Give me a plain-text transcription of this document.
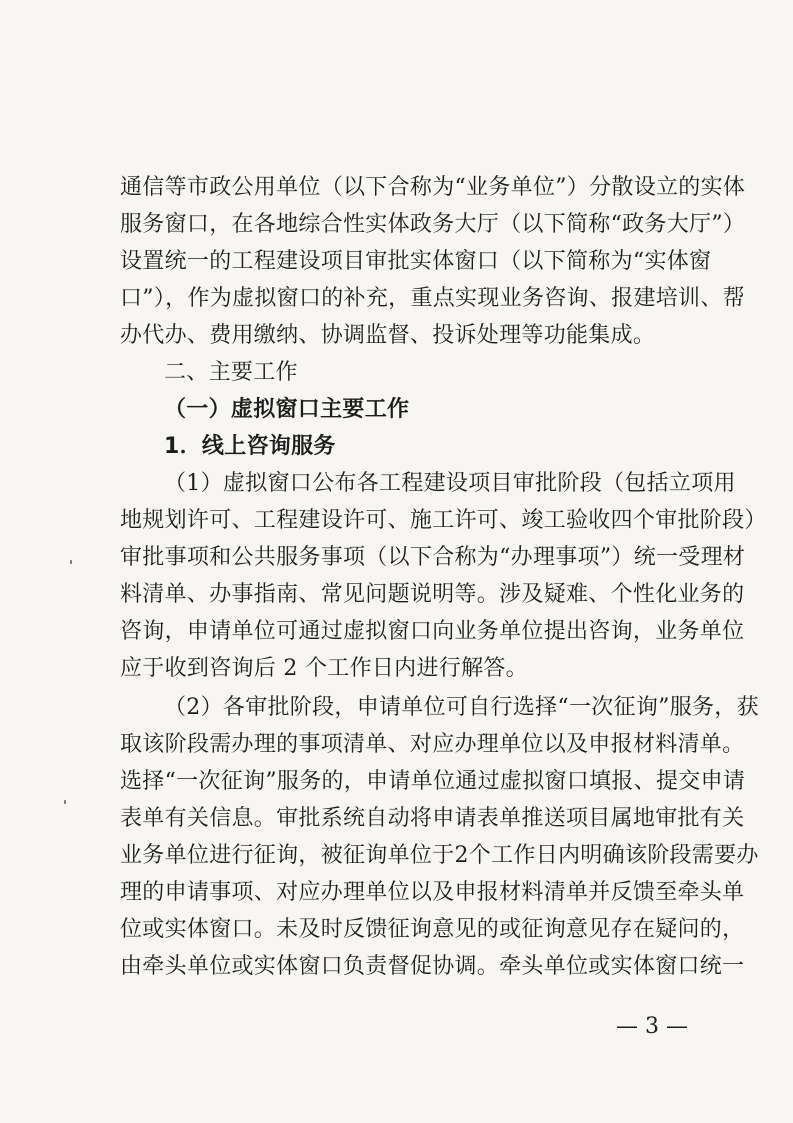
通信等市政公用单位（以下合称为“业务单位”）分散设立的实体
服务窗口，在各地综合性实体政务大厅（以下简称“政务大厅”）
设置统一的工程建设项目审批实体窗口（以下简称为“实体窗
口”），作为虚拟窗口的补充，重点实现业务咨询、报建培训、帮
办代办、费用缴纳、协调监督、投诉处理等功能集成。
二、主要工作
（一）虚拟窗口主要工作
1．线上咨询服务
（1）虚拟窗口公布各工程建设项目审批阶段（包括立项用
地规划许可、工程建设许可、施工许可、竣工验收四个审批阶段）
审批事项和公共服务事项（以下合称为“办理事项”）统一受理材
料清单、办事指南、常见问题说明等。涉及疑难、个性化业务的
咨询，申请单位可通过虚拟窗口向业务单位提出咨询，业务单位
应于收到咨询后 2 个工作日内进行解答。
（2）各审批阶段，申请单位可自行选择“一次征询”服务，获
取该阶段需办理的事项清单、对应办理单位以及申报材料清单。
选择“一次征询”服务的，申请单位通过虚拟窗口填报、提交申请
表单有关信息。审批系统自动将申请表单推送项目属地审批有关
业务单位进行征询，被征询单位于2个工作日内明确该阶段需要办
理的申请事项、对应办理单位以及申报材料清单并反馈至牵头单
位或实体窗口。未及时反馈征询意见的或征询意见存在疑问的，
由牵头单位或实体窗口负责督促协调。牵头单位或实体窗口统一
— 3 —
